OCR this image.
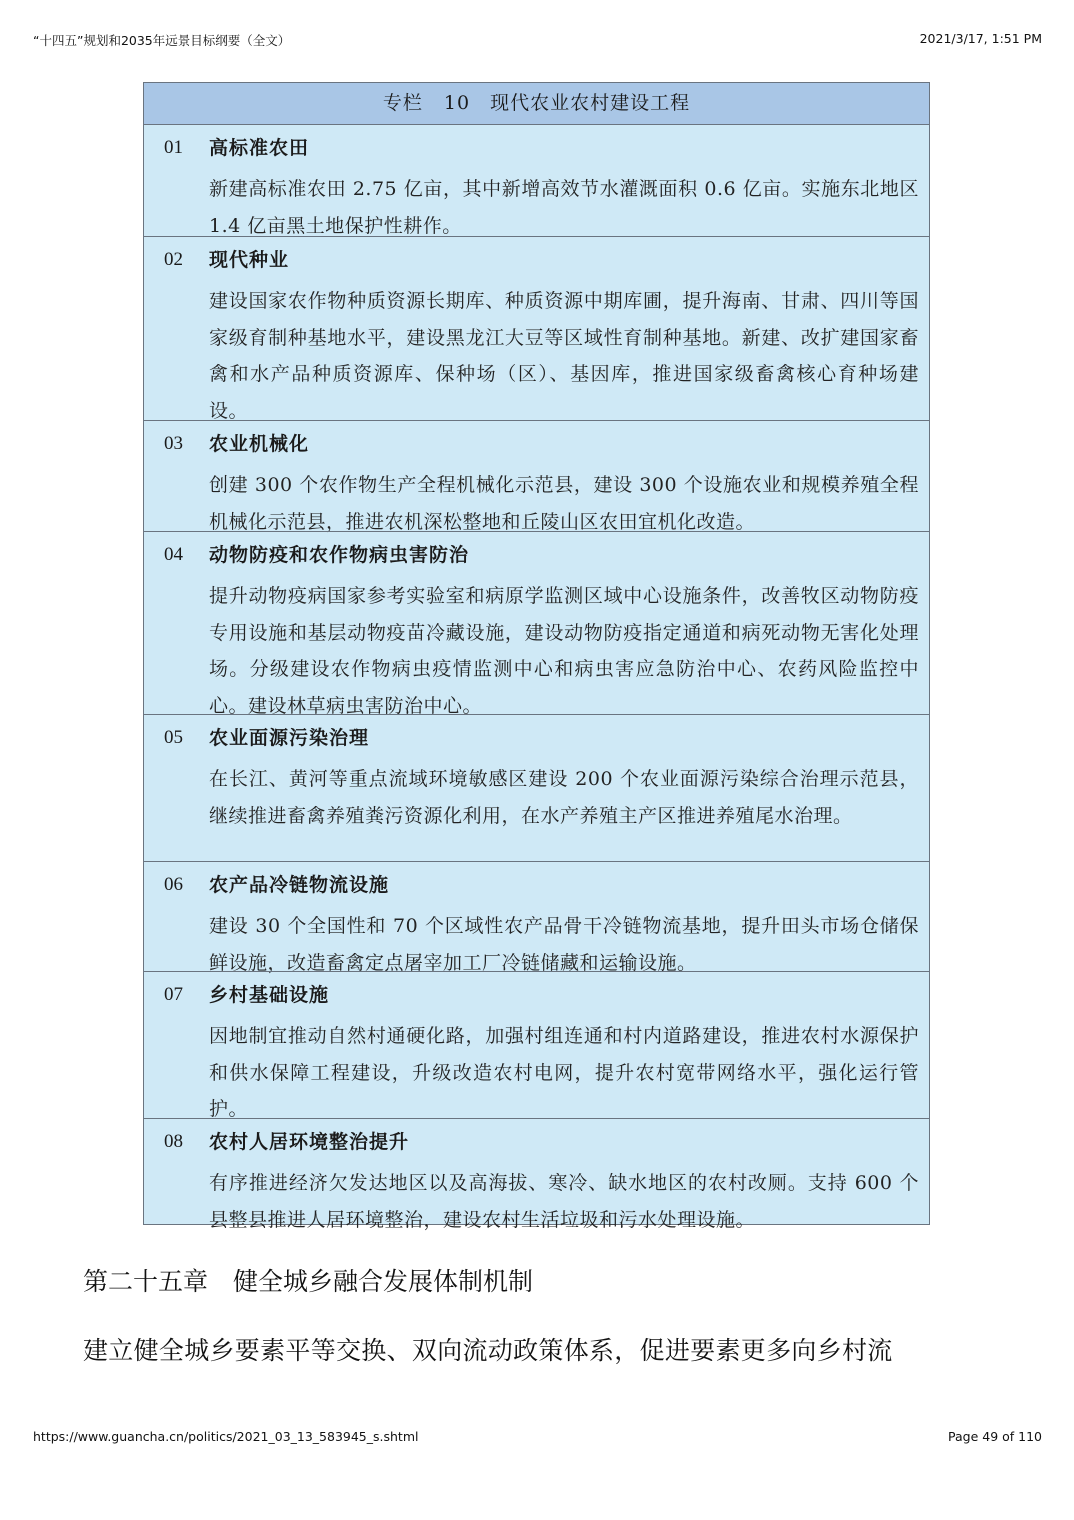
“十四五”规划和2035年远景目标纲要（全文）	2021/3/17, 1:51 PM
专栏 10　现代农业农村建设工程
01	高标准农田
新建高标准农田 2.75 亿亩，其中新增高效节水灌溉面积 0.6 亿亩。实施东北地区 1.4 亿亩黑土地保护性耕作。
02	现代种业
建设国家农作物种质资源长期库、种质资源中期库圃，提升海南、甘肃、四川等国家级育制种基地水平，建设黑龙江大豆等区域性育制种基地。新建、改扩建国家畜禽和水产品种质资源库、保种场（区）、基因库，推进国家级畜禽核心育种场建设。
03	农业机械化
创建 300 个农作物生产全程机械化示范县，建设 300 个设施农业和规模养殖全程机械化示范县，推进农机深松整地和丘陵山区农田宜机化改造。
04	动物防疫和农作物病虫害防治
提升动物疫病国家参考实验室和病原学监测区域中心设施条件，改善牧区动物防疫专用设施和基层动物疫苗冷藏设施，建设动物防疫指定通道和病死动物无害化处理场。分级建设农作物病虫疫情监测中心和病虫害应急防治中心、农药风险监控中心。建设林草病虫害防治中心。
05	农业面源污染治理
在长江、黄河等重点流域环境敏感区建设 200 个农业面源污染综合治理示范县，继续推进畜禽养殖粪污资源化利用，在水产养殖主产区推进养殖尾水治理。
06	农产品冷链物流设施
建设 30 个全国性和 70 个区域性农产品骨干冷链物流基地，提升田头市场仓储保鲜设施，改造畜禽定点屠宰加工厂冷链储藏和运输设施。
07	乡村基础设施
因地制宜推动自然村通硬化路，加强村组连通和村内道路建设，推进农村水源保护和供水保障工程建设，升级改造农村电网，提升农村宽带网络水平，强化运行管护。
08	农村人居环境整治提升
有序推进经济欠发达地区以及高海拔、寒冷、缺水地区的农村改厕。支持 600 个县整县推进人居环境整治，建设农村生活垃圾和污水处理设施。
第二十五章　健全城乡融合发展体制机制
建立健全城乡要素平等交换、双向流动政策体系，促进要素更多向乡村流
https://www.guancha.cn/politics/2021_03_13_583945_s.shtml	Page 49 of 110
